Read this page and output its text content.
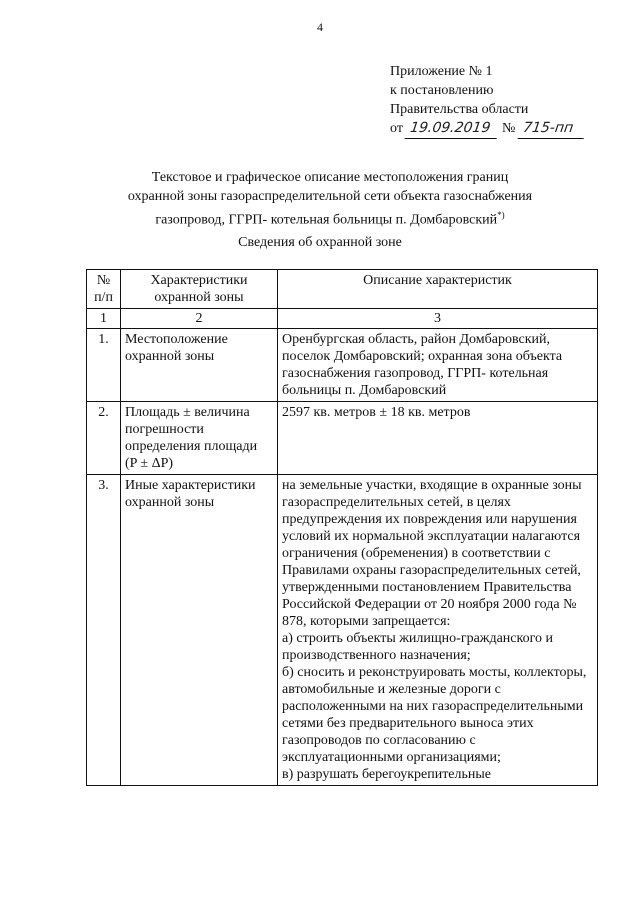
4
Приложение № 1
к постановлению
Правительства области
от 19.09.2019 № 715-пп
Текстовое и графическое описание местоположения границ
охранной зоны газораспределительной сети объекта газоснабжения
газопровод, ГГРП- котельная больницы п. Домбаровский*)
Сведения об охранной зоне
№ п/п	Характеристики охранной зоны	Описание характеристик
1	2	3
1.	Местоположение охранной зоны	Оренбургская область, район Домбаровский, поселок Домбаровский; охранная зона объекта газоснабжения газопровод, ГГРП- котельная больницы п. Домбаровский

2.	Площадь ± величина погрешности определения площади (P ± ΔP)	2597 кв. метров ± 18 кв. метров

3.	Иные характеристики охранной зоны	на земельные участки, входящие в охранные зоны газораспределительных сетей, в целях предупреждения их повреждения или нарушения условий их нормальной эксплуатации налагаются ограничения (обременения) в соответствии с Правилами охраны газораспределительных сетей, утвержденными постановлением Правительства Российской Федерации от 20 ноября 2000 года № 878, которыми запрещается:
а) строить объекты жилищно-гражданского и производственного назначения;
б) сносить и реконструировать мосты, коллекторы, автомобильные и железные дороги с расположенными на них газораспределительными сетями без предварительного выноса этих газопроводов по согласованию с эксплуатационными организациями;
в) разрушать берегоукрепительные
